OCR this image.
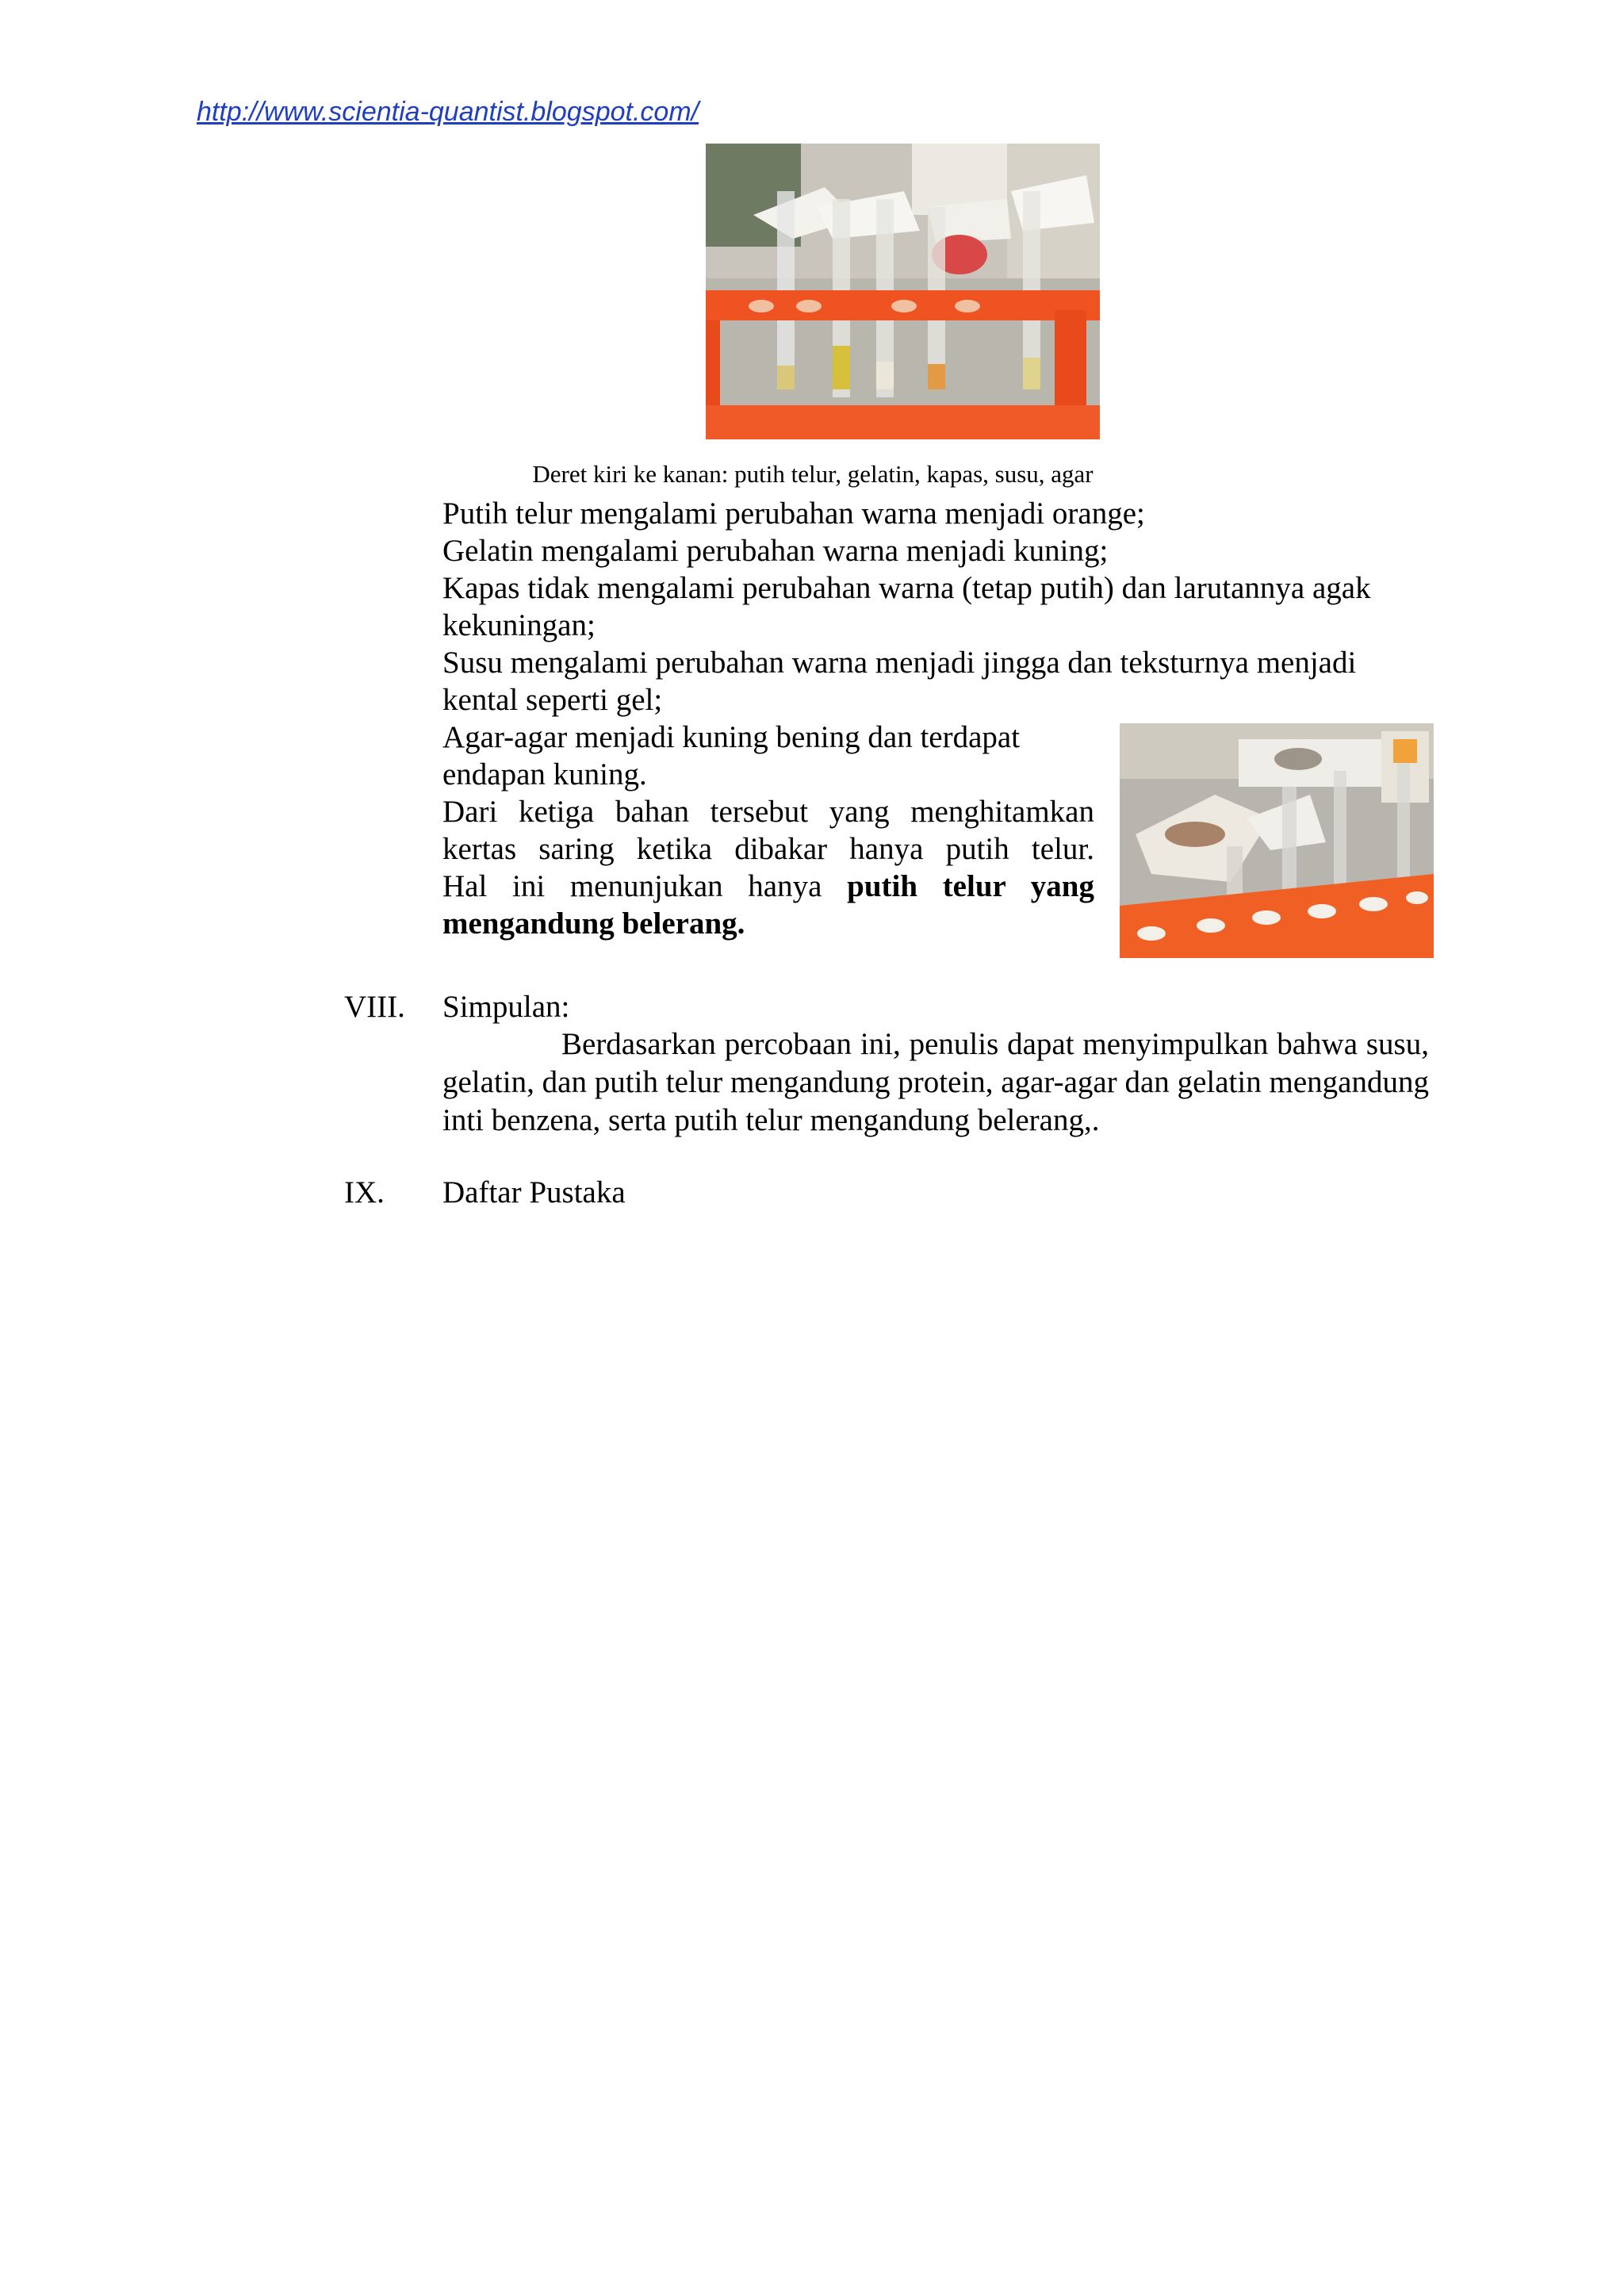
http://www.scientia-quantist.blogspot.com/
Deret kiri ke kanan: putih telur, gelatin, kapas, susu, agar
Putih telur mengalami perubahan warna menjadi orange;
Gelatin mengalami perubahan warna menjadi kuning;
Kapas tidak mengalami perubahan warna (tetap putih) dan larutannya agak
kekuningan;
Susu mengalami perubahan warna menjadi jingga dan teksturnya menjadi
kental seperti gel;
Agar-agar menjadi kuning bening dan terdapat
endapan kuning.
Dari ketiga bahan tersebut yang menghitamkan
kertas saring ketika dibakar hanya putih telur.
Hal ini menunjukan hanya putih telur yang
mengandung belerang.
VIII. Simpulan:
Berdasarkan percobaan ini, penulis dapat menyimpulkan bahwa susu, gelatin, dan putih telur mengandung protein, agar-agar dan gelatin mengandung inti benzena, serta putih telur mengandung belerang,.
IX. Daftar Pustaka
